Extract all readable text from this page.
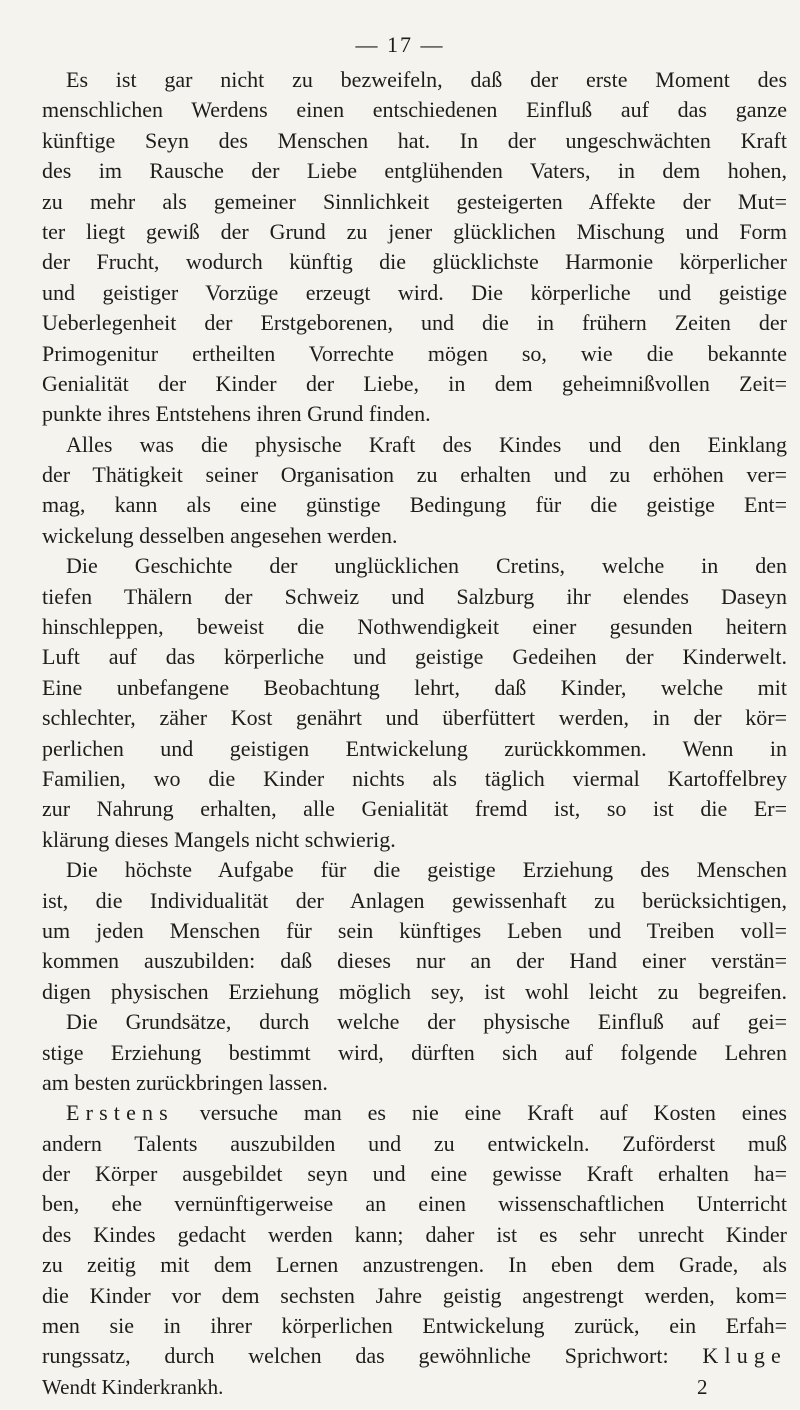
— 17 —
Es ist gar nicht zu bezweifeln, daß der erste Moment des
menschlichen Werdens einen entschiedenen Einfluß auf das ganze
künftige Seyn des Menschen hat. In der ungeschwächten Kraft
des im Rausche der Liebe entglühenden Vaters, in dem hohen,
zu mehr als gemeiner Sinnlichkeit gesteigerten Affekte der Mut=
ter liegt gewiß der Grund zu jener glücklichen Mischung und Form
der Frucht, wodurch künftig die glücklichste Harmonie körperlicher
und geistiger Vorzüge erzeugt wird. Die körperliche und geistige
Ueberlegenheit der Erstgeborenen, und die in frühern Zeiten der
Primogenitur ertheilten Vorrechte mögen so, wie die bekannte
Genialität der Kinder der Liebe, in dem geheimnißvollen Zeit=
punkte ihres Entstehens ihren Grund finden.
Alles was die physische Kraft des Kindes und den Einklang
der Thätigkeit seiner Organisation zu erhalten und zu erhöhen ver=
mag, kann als eine günstige Bedingung für die geistige Ent=
wickelung desselben angesehen werden.
Die Geschichte der unglücklichen Cretins, welche in den
tiefen Thälern der Schweiz und Salzburg ihr elendes Daseyn
hinschleppen, beweist die Nothwendigkeit einer gesunden heitern
Luft auf das körperliche und geistige Gedeihen der Kinderwelt.
Eine unbefangene Beobachtung lehrt, daß Kinder, welche mit
schlechter, zäher Kost genährt und überfüttert werden, in der kör=
perlichen und geistigen Entwickelung zurückkommen. Wenn in
Familien, wo die Kinder nichts als täglich viermal Kartoffelbrey
zur Nahrung erhalten, alle Genialität fremd ist, so ist die Er=
klärung dieses Mangels nicht schwierig.
Die höchste Aufgabe für die geistige Erziehung des Menschen
ist, die Individualität der Anlagen gewissenhaft zu berücksichtigen,
um jeden Menschen für sein künftiges Leben und Treiben voll=
kommen auszubilden: daß dieses nur an der Hand einer verstän=
digen physischen Erziehung möglich sey, ist wohl leicht zu begreifen.
Die Grundsätze, durch welche der physische Einfluß auf gei=
stige Erziehung bestimmt wird, dürften sich auf folgende Lehren
am besten zurückbringen lassen.
Erstens versuche man es nie eine Kraft auf Kosten eines
andern Talents auszubilden und zu entwickeln. Zuförderst muß
der Körper ausgebildet seyn und eine gewisse Kraft erhalten ha=
ben, ehe vernünftigerweise an einen wissenschaftlichen Unterricht
des Kindes gedacht werden kann; daher ist es sehr unrecht Kinder
zu zeitig mit dem Lernen anzustrengen. In eben dem Grade, als
die Kinder vor dem sechsten Jahre geistig angestrengt werden, kom=
men sie in ihrer körperlichen Entwickelung zurück, ein Erfah=
rungssatz, durch welchen das gewöhnliche Sprichwort: Kluge
Wendt Kinderkrankh.	2
